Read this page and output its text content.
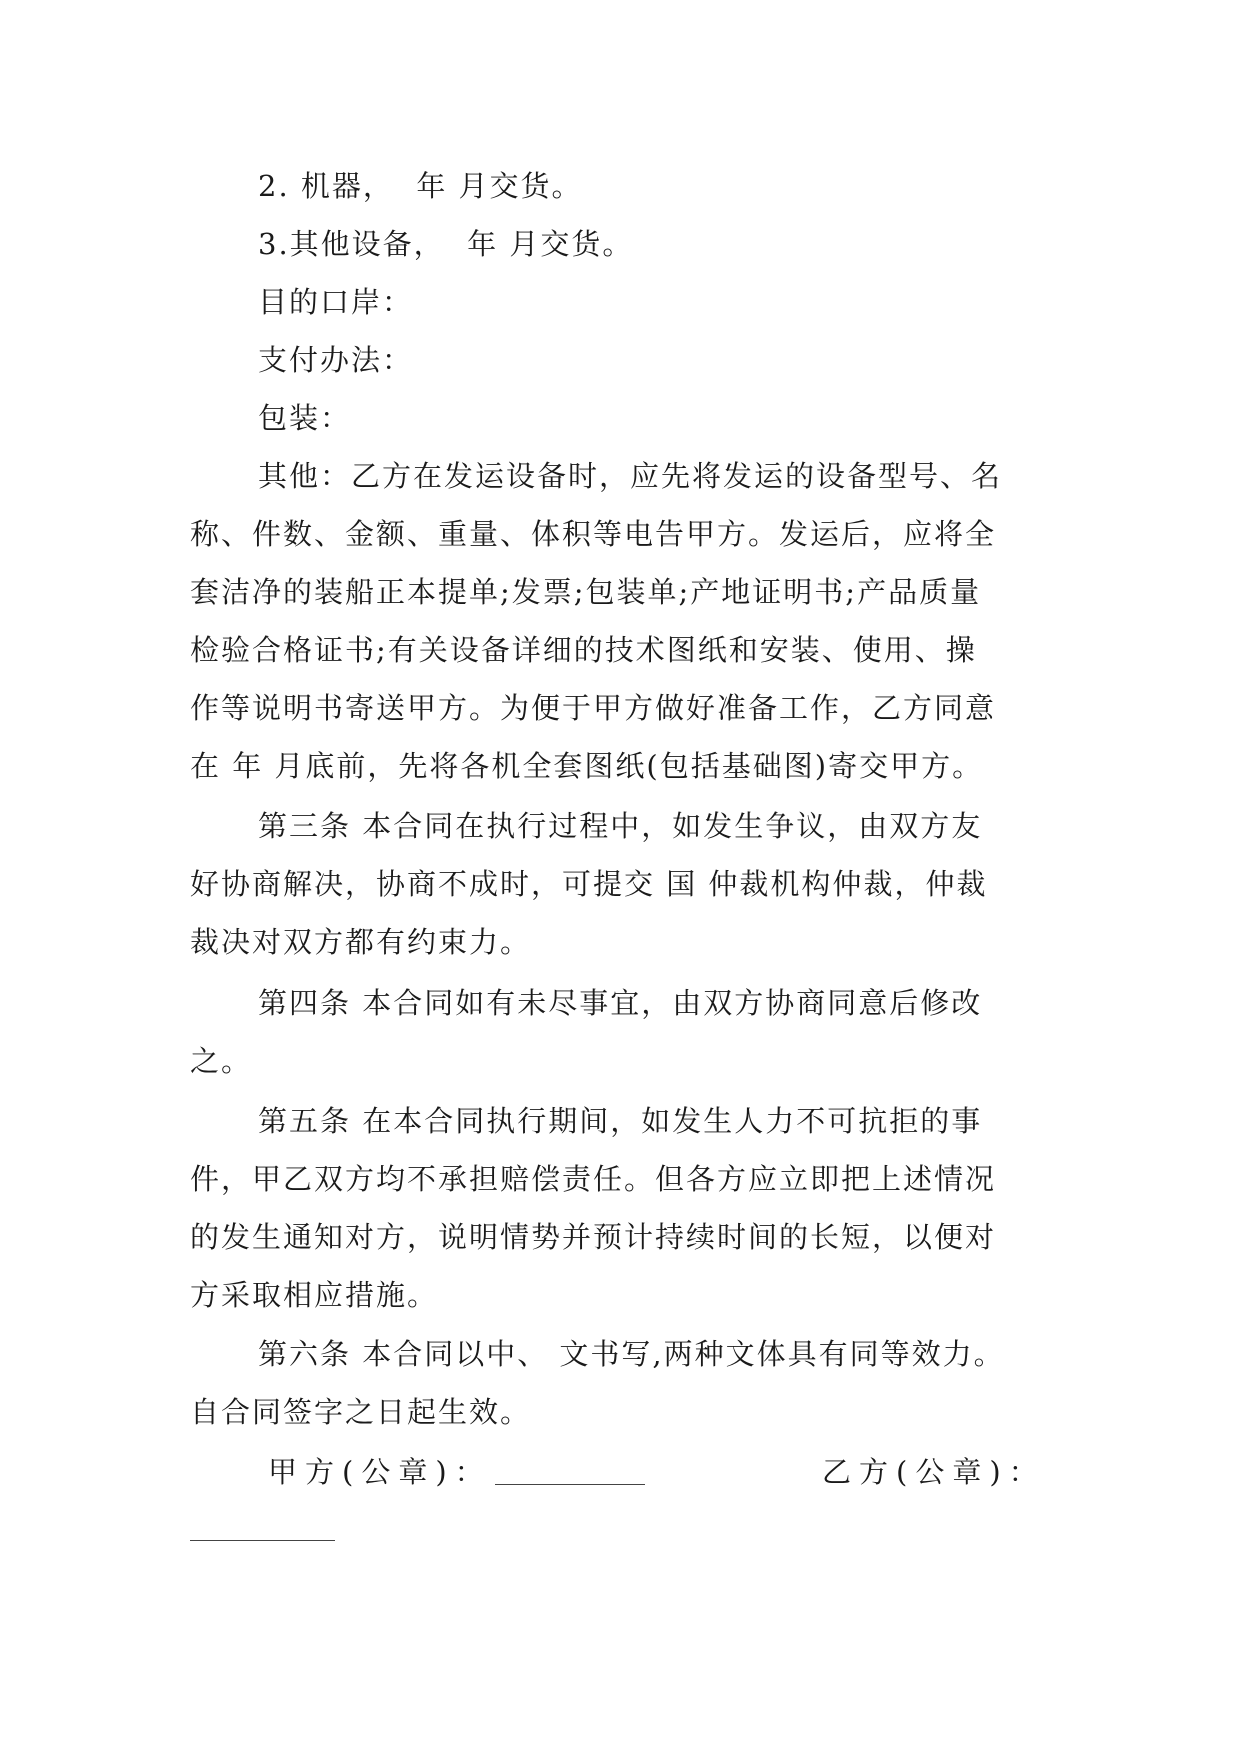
2. 机器，  年 月交货。
3.其他设备，  年 月交货。
目的口岸：
支付办法：
包装：
其他：乙方在发运设备时，应先将发运的设备型号、名
称、件数、金额、重量、体积等电告甲方。发运后，应将全
套洁净的装船正本提单;发票;包装单;产地证明书;产品质量
检验合格证书;有关设备详细的技术图纸和安装、使用、操
作等说明书寄送甲方。为便于甲方做好准备工作，乙方同意
在 年 月底前，先将各机全套图纸(包括基础图)寄交甲方。
第三条 本合同在执行过程中，如发生争议，由双方友
好协商解决，协商不成时，可提交 国 仲裁机构仲裁，仲裁
裁决对双方都有约束力。
第四条 本合同如有未尽事宜，由双方协商同意后修改
之。
第五条 在本合同执行期间，如发生人力不可抗拒的事
件，甲乙双方均不承担赔偿责任。但各方应立即把上述情况
的发生通知对方，说明情势并预计持续时间的长短，以便对
方采取相应措施。
第六条 本合同以中、 文书写,两种文体具有同等效力。
自合同签字之日起生效。
甲方(公章)：	乙方(公章)：
